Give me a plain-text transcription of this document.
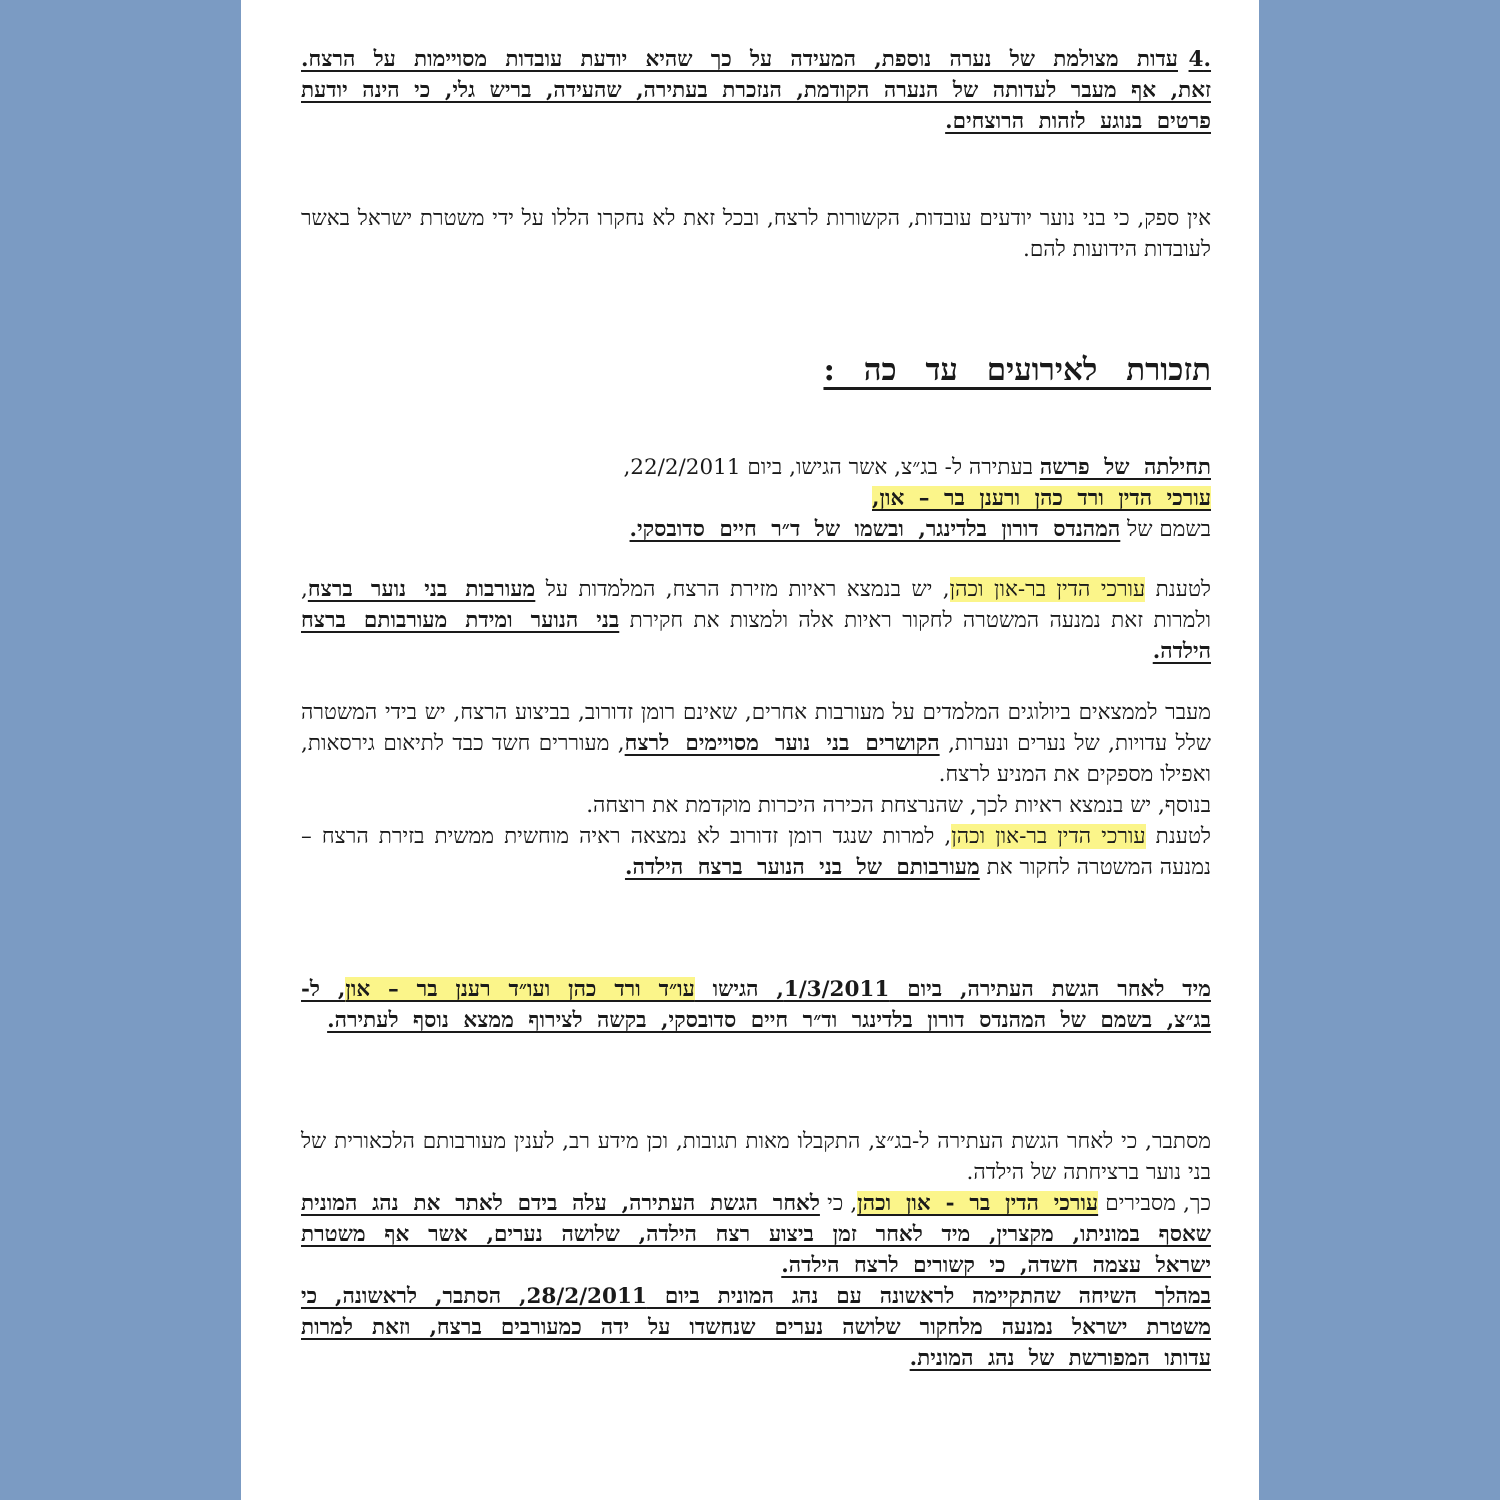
.4 עדות מצולמת של נערה נוספת, המעידה על כך שהיא יודעת עובדות מסויימות על הרצח. זאת, אף מעבר לעדותה של הנערה הקודמת, הנזכרת בעתירה, שהעידה, בריש גלי, כי הינה יודעת פרטים בנוגע לזהות הרוצחים.

אין ספק, כי בני נוער יודעים עובדות, הקשורות לרצח, ובכל זאת לא נחקרו הללו על ידי משטרת ישראל באשר לעובדות הידועות להם.

תזכורת לאירועים עד כה :

תחילתה של פרשה בעתירה ל- בג״צ, אשר הגישו, ביום 22/2/2011,

עורכי הדין ורד כהן ורענן בר – און,

בשמם של המהנדס דורון בלדינגר, ובשמו של ד״ר חיים סדובסקי.

לטענת עורכי הדין בר-און וכהן, יש בנמצא ראיות מזירת הרצח, המלמדות על מעורבות בני נוער ברצח, ולמרות זאת נמנעה המשטרה לחקור ראיות אלה ולמצות את חקירת בני הנוער ומידת מעורבותם ברצח הילדה.

מעבר לממצאים ביולוגים המלמדים על מעורבות אחרים, שאינם רומן זדורוב, בביצוע הרצח, יש בידי המשטרה שלל עדויות, של נערים ונערות, הקושרים בני נוער מסויימים לרצח, מעוררים חשד כבד לתיאום גירסאות, ואפילו מספקים את המניע לרצח.

בנוסף, יש בנמצא ראיות לכך, שהנרצחת הכירה היכרות מוקדמת את רוצחה.

לטענת עורכי הדין בר-און וכהן, למרות שנגד רומן זדורוב לא נמצאה ראיה מוחשית ממשית בזירת הרצח – נמנעה המשטרה לחקור את מעורבותם של בני הנוער ברצח הילדה.

מיד לאחר הגשת העתירה, ביום 1/3/2011, הגישו עו״ד ורד כהן ועו״ד רענן בר – און, ל- בג״צ, בשמם של המהנדס דורון בלדינגר וד״ר חיים סדובסקי, בקשה לצירוף ממצא נוסף לעתירה.

מסתבר, כי לאחר הגשת העתירה ל-בג״צ, התקבלו מאות תגובות, וכן מידע רב, לענין מעורבותם הלכאורית של בני נוער ברציחתה של הילדה.

כך, מסבירים עורכי הדין בר - און וכהן, כי לאחר הגשת העתירה, עלה בידם לאתר את נהג המונית שאסף במוניתו, מקצרין, מיד לאחר זמן ביצוע רצח הילדה, שלושה נערים, אשר אף משטרת ישראל עצמה חשדה, כי קשורים לרצח הילדה.

במהלך השיחה שהתקיימה לראשונה עם נהג המונית ביום 28/2/2011, הסתבר, לראשונה, כי משטרת ישראל נמנעה מלחקור שלושה נערים שנחשדו על ידה כמעורבים ברצח, וזאת למרות עדותו המפורשת של נהג המונית.
